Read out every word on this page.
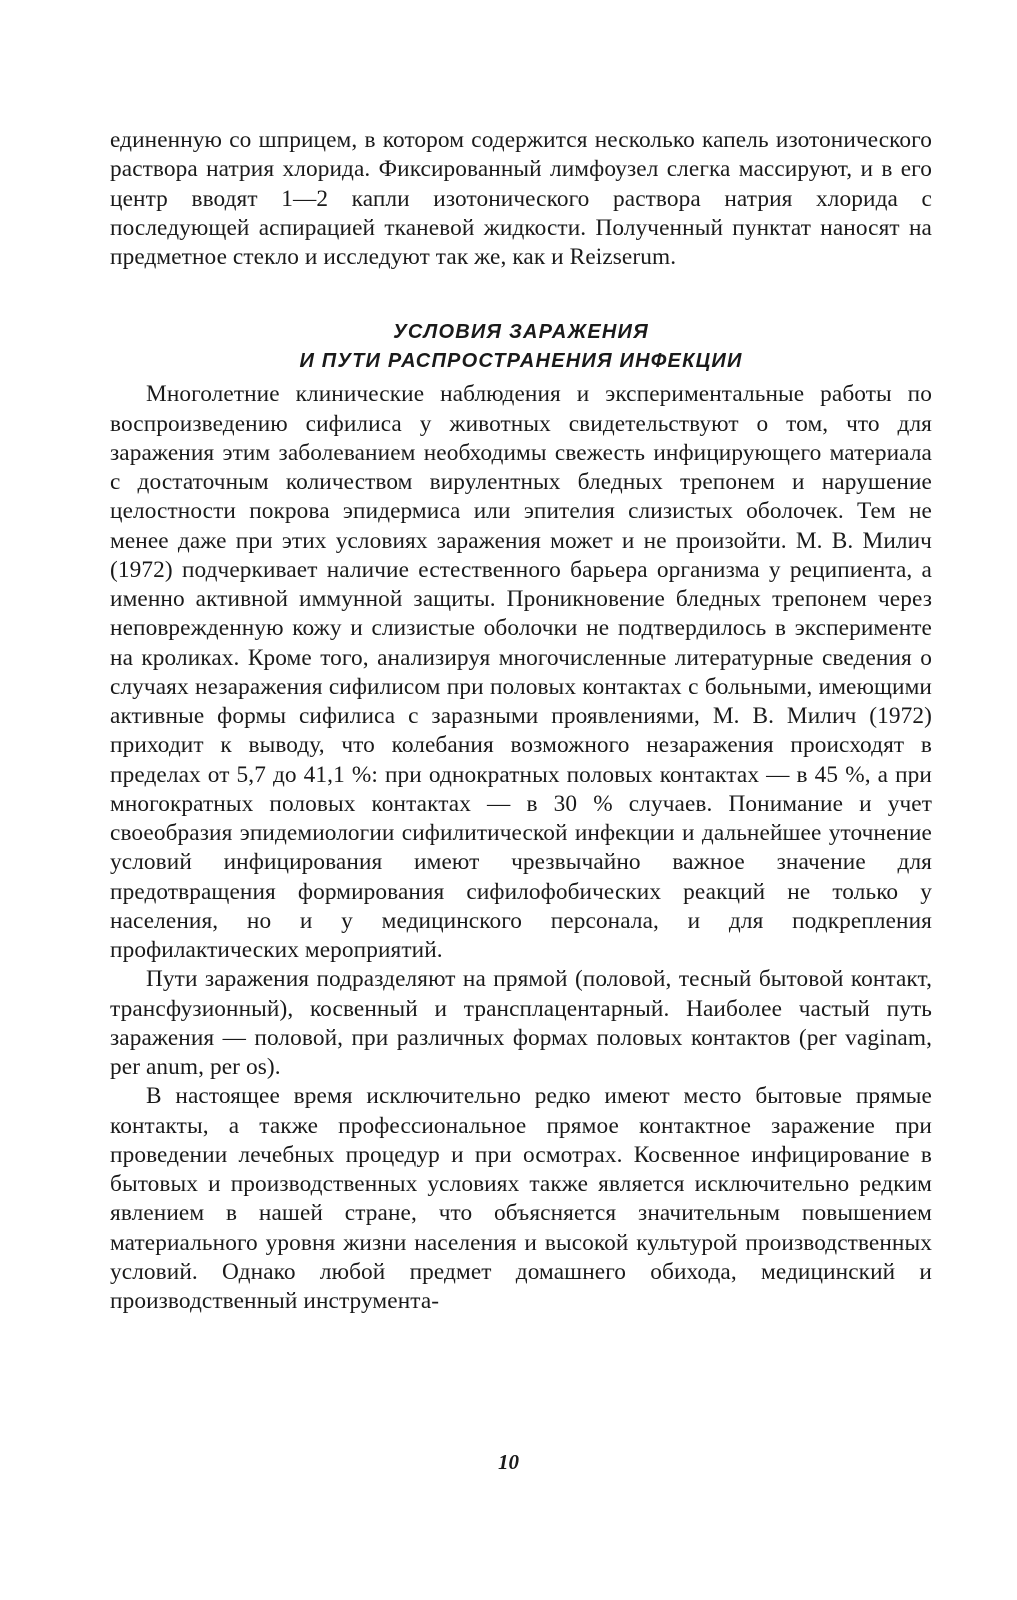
единенную со шприцем, в котором содержится несколько капель изотонического раствора натрия хлорида. Фиксированный лимфоузел слегка массируют, и в его центр вводят 1—2 капли изотонического раствора натрия хлорида с последующей аспирацией тканевой жидкости. Полученный пунктат наносят на предметное стекло и исследуют так же, как и Reizserum.

УСЛОВИЯ ЗАРАЖЕНИЯ
И ПУТИ РАСПРОСТРАНЕНИЯ ИНФЕКЦИИ

Многолетние клинические наблюдения и экспериментальные работы по воспроизведению сифилиса у животных свидетельствуют о том, что для заражения этим заболеванием необходимы свежесть инфицирующего материала с достаточным количеством вирулентных бледных трепонем и нарушение целостности покрова эпидермиса или эпителия слизистых оболочек. Тем не менее даже при этих условиях заражения может и не произойти. М. В. Милич (1972) подчеркивает наличие естественного барьера организма у реципиента, а именно активной иммунной защиты. Проникновение бледных трепонем через неповрежденную кожу и слизистые оболочки не подтвердилось в эксперименте на кроликах. Кроме того, анализируя многочисленные литературные сведения о случаях незаражения сифилисом при половых контактах с больными, имеющими активные формы сифилиса с заразными проявлениями, М. В. Милич (1972) приходит к выводу, что колебания возможного незаражения происходят в пределах от 5,7 до 41,1 %: при однократных половых контактах — в 45 %, а при многократных половых контактах — в 30 % случаев. Понимание и учет своеобразия эпидемиологии сифилитической инфекции и дальнейшее уточнение условий инфицирования имеют чрезвычайно важное значение для предотвращения формирования сифилофобических реакций не только у населения, но и у медицинского персонала, и для подкрепления профилактических мероприятий.

Пути заражения подразделяют на прямой (половой, тесный бытовой контакт, трансфузионный), косвенный и трансплацентарный. Наиболее частый путь заражения — половой, при различных формах половых контактов (per vaginam, per anum, per os).

В настоящее время исключительно редко имеют место бытовые прямые контакты, а также профессиональное прямое контактное заражение при проведении лечебных процедур и при осмотрах. Косвенное инфицирование в бытовых и производственных условиях также является исключительно редким явлением в нашей стране, что объясняется значительным повышением материального уровня жизни населения и высокой культурой производственных условий. Однако любой предмет домашнего обихода, медицинский и производственный инструмента-

10
